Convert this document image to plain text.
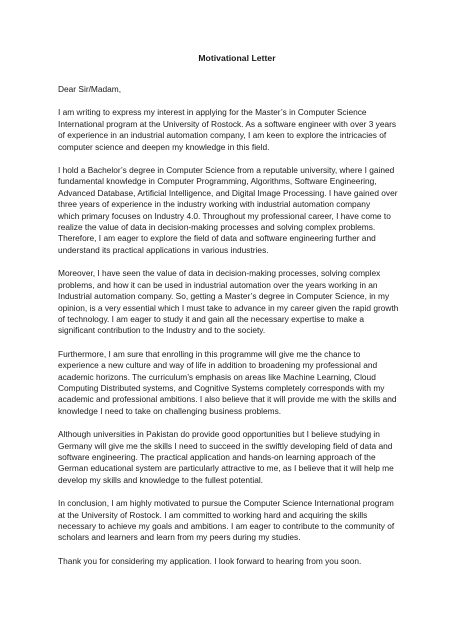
Motivational Letter

Dear Sir/Madam,

I am writing to express my interest in applying for the Master’s in Computer Science
International program at the University of Rostock. As a software engineer with over 3 years
of experience in an industrial automation company, I am keen to explore the intricacies of
computer science and deepen my knowledge in this field.

I hold a Bachelor’s degree in Computer Science from a reputable university, where I gained
fundamental knowledge in Computer Programming, Algorithms, Software Engineering,
Advanced Database, Artificial Intelligence, and Digital Image Processing. I have gained over
three years of experience in the industry working with industrial automation company
which primary focuses on Industry 4.0. Throughout my professional career, I have come to
realize the value of data in decision-making processes and solving complex problems.
Therefore, I am eager to explore the field of data and software engineering further and
understand its practical applications in various industries.

Moreover, I have seen the value of data in decision-making processes, solving complex
problems, and how it can be used in industrial automation over the years working in an
Industrial automation company. So, getting a Master’s degree in Computer Science, in my
opinion, is a very essential which I must take to advance in my career given the rapid growth
of technology. I am eager to study it and gain all the necessary expertise to make a
significant contribution to the Industry and to the society.

Furthermore, I am sure that enrolling in this programme will give me the chance to
experience a new culture and way of life in addition to broadening my professional and
academic horizons. The curriculum’s emphasis on areas like Machine Learning, Cloud
Computing Distributed systems, and Cognitive Systems completely corresponds with my
academic and professional ambitions. I also believe that it will provide me with the skills and
knowledge I need to take on challenging business problems.

Although universities in Pakistan do provide good opportunities but I believe studying in
Germany will give me the skills I need to succeed in the swiftly developing field of data and
software engineering. The practical application and hands-on learning approach of the
German educational system are particularly attractive to me, as I believe that it will help me
develop my skills and knowledge to the fullest potential.

In conclusion, I am highly motivated to pursue the Computer Science International program
at the University of Rostock. I am committed to working hard and acquiring the skills
necessary to achieve my goals and ambitions. I am eager to contribute to the community of
scholars and learners and learn from my peers during my studies.

Thank you for considering my application. I look forward to hearing from you soon.
